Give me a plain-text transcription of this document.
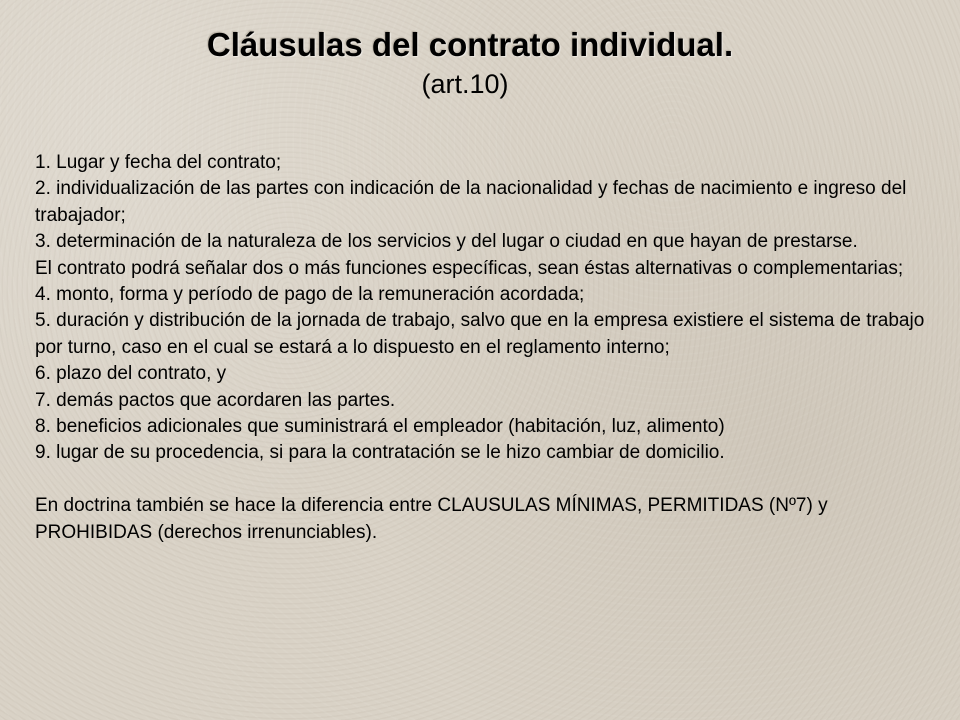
Cláusulas del contrato individual.
(art.10)

1. Lugar y fecha del contrato;

2. individualización de las partes con indicación de la nacionalidad y fechas de nacimiento e ingreso del trabajador;

3. determinación de la naturaleza de los servicios y del lugar o ciudad en que hayan de prestarse.

El contrato podrá señalar dos o más funciones específicas, sean éstas alternativas o complementarias;

4. monto, forma y período de pago de la remuneración acordada;

5. duración y distribución de la jornada de trabajo, salvo que en la empresa existiere el sistema de trabajo por turno, caso en el cual se estará a lo dispuesto en el reglamento interno;

6. plazo del contrato, y

7. demás pactos que acordaren las partes.

8. beneficios adicionales que suministrará el empleador (habitación, luz, alimento)

9. lugar de su procedencia, si para la contratación se le hizo cambiar de domicilio.

En doctrina también se hace la diferencia entre CLAUSULAS MÍNIMAS, PERMITIDAS (Nº7) y PROHIBIDAS (derechos irrenunciables).
